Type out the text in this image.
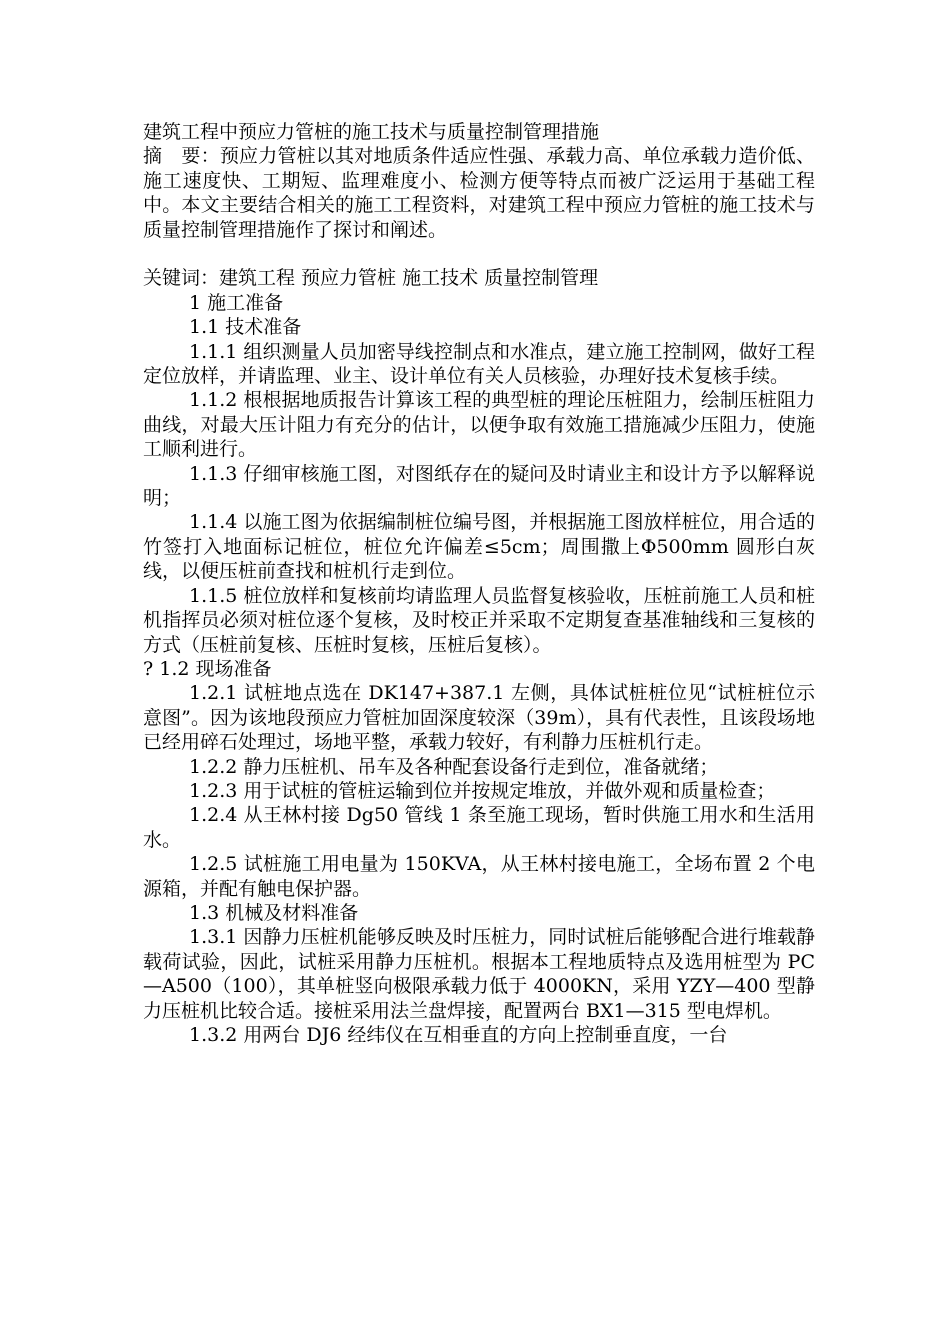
建筑工程中预应力管桩的施工技术与质量控制管理措施

摘　要：预应力管桩以其对地质条件适应性强、承载力高、单位承载力造价低、施工速度快、工期短、监理难度小、检测方便等特点而被广泛运用于基础工程中。本文主要结合相关的施工工程资料，对建筑工程中预应力管桩的施工技术与质量控制管理措施作了探讨和阐述。

关键词：建筑工程 预应力管桩 施工技术 质量控制管理

1 施工准备

1.1 技术准备

1.1.1 组织测量人员加密导线控制点和水准点，建立施工控制网，做好工程定位放样，并请监理、业主、设计单位有关人员核验，办理好技术复核手续。

1.1.2 根根据地质报告计算该工程的典型桩的理论压桩阻力，绘制压桩阻力曲线，对最大压计阻力有充分的估计，以便争取有效施工措施减少压阻力，使施工顺利进行。

1.1.3 仔细审核施工图，对图纸存在的疑问及时请业主和设计方予以解释说明；

1.1.4 以施工图为依据编制桩位编号图，并根据施工图放样桩位，用合适的竹签打入地面标记桩位，桩位允许偏差≤5cm；周围撒上Φ500mm 圆形白灰线，以便压桩前查找和桩机行走到位。

1.1.5 桩位放样和复核前均请监理人员监督复核验收，压桩前施工人员和桩机指挥员必须对桩位逐个复核，及时校正并采取不定期复查基准轴线和三复核的方式（压桩前复核、压桩时复核，压桩后复核）。

? 1.2 现场准备

1.2.1 试桩地点选在 DK147+387.1 左侧，具体试桩桩位见“试桩桩位示意图”。因为该地段预应力管桩加固深度较深（39m），具有代表性，且该段场地已经用碎石处理过，场地平整，承载力较好，有利静力压桩机行走。

1.2.2 静力压桩机、吊车及各种配套设备行走到位，准备就绪；

1.2.3 用于试桩的管桩运输到位并按规定堆放，并做外观和质量检查；

1.2.4 从王林村接 Dg50 管线 1 条至施工现场，暂时供施工用水和生活用水。

1.2.5 试桩施工用电量为 150KVA，从王林村接电施工，全场布置 2 个电源箱，并配有触电保护器。

1.3 机械及材料准备

1.3.1 因静力压桩机能够反映及时压桩力，同时试桩后能够配合进行堆载静载荷试验，因此，试桩采用静力压桩机。根据本工程地质特点及选用桩型为 PC—A500（100），其单桩竖向极限承载力低于 4000KN，采用 YZY—400 型静力压桩机比较合适。接桩采用法兰盘焊接，配置两台 BX1—315 型电焊机。

1.3.2 用两台 DJ6 经纬仪在互相垂直的方向上控制垂直度，一台
